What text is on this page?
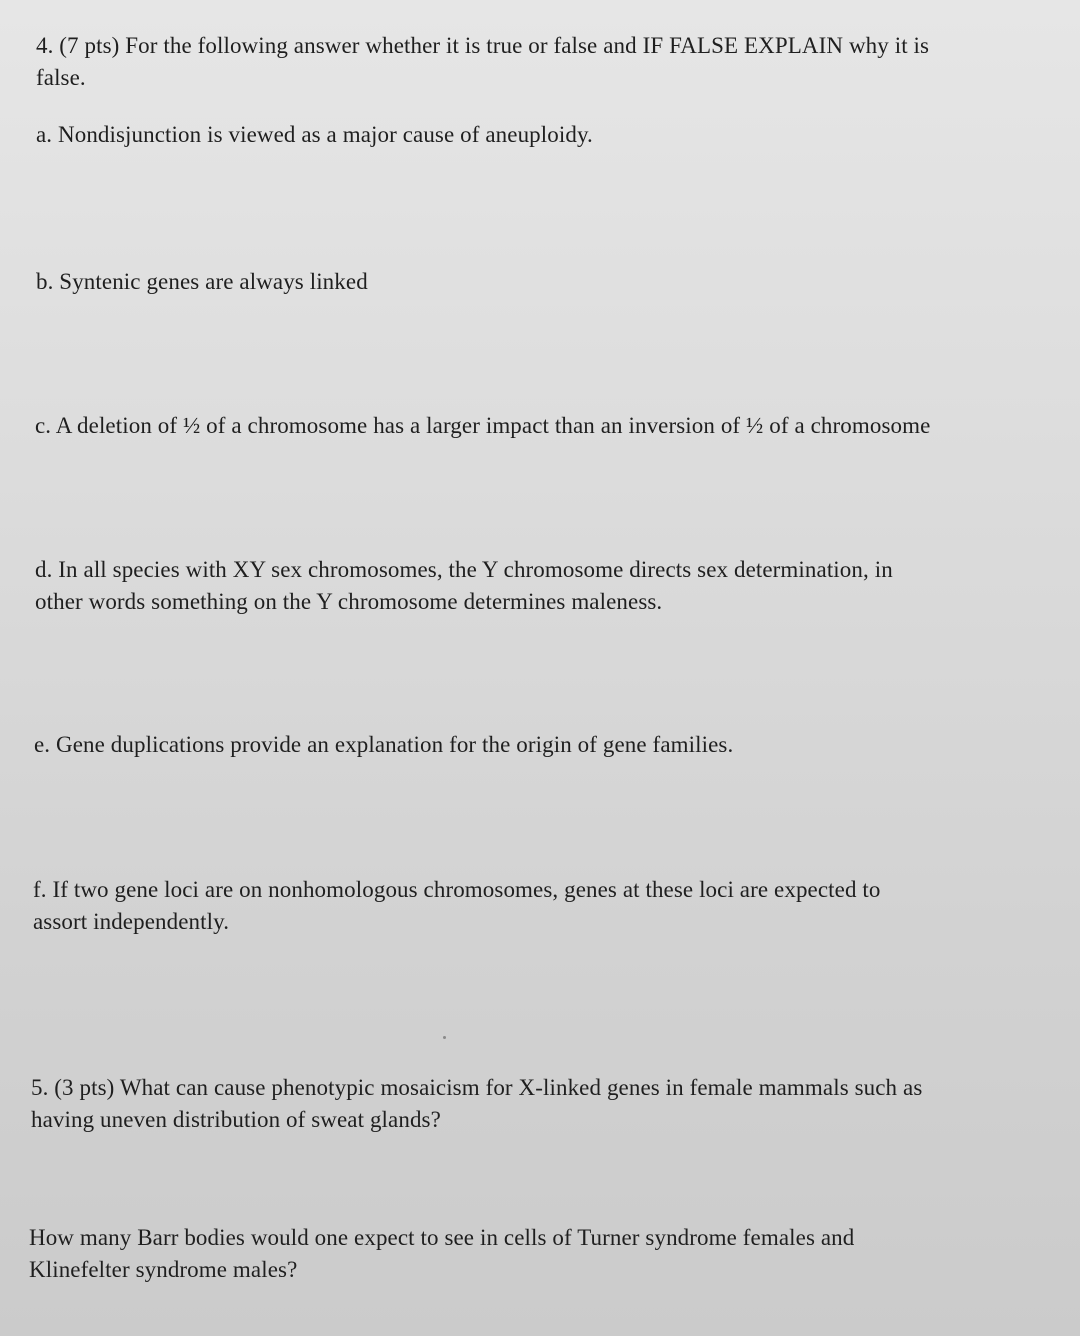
4. (7 pts) For the following answer whether it is true or false and IF FALSE EXPLAIN why it is
false.
a. Nondisjunction is viewed as a major cause of aneuploidy.
b. Syntenic genes are always linked
c. A deletion of ½ of a chromosome has a larger impact than an inversion of ½ of a chromosome
d. In all species with XY sex chromosomes, the Y chromosome directs sex determination, in
other words something on the Y chromosome determines maleness.
e. Gene duplications provide an explanation for the origin of gene families.
f. If two gene loci are on nonhomologous chromosomes, genes at these loci are expected to
assort independently.
5. (3 pts) What can cause phenotypic mosaicism for X-linked genes in female mammals such as
having uneven distribution of sweat glands?
How many Barr bodies would one expect to see in cells of Turner syndrome females and
Klinefelter syndrome males?
